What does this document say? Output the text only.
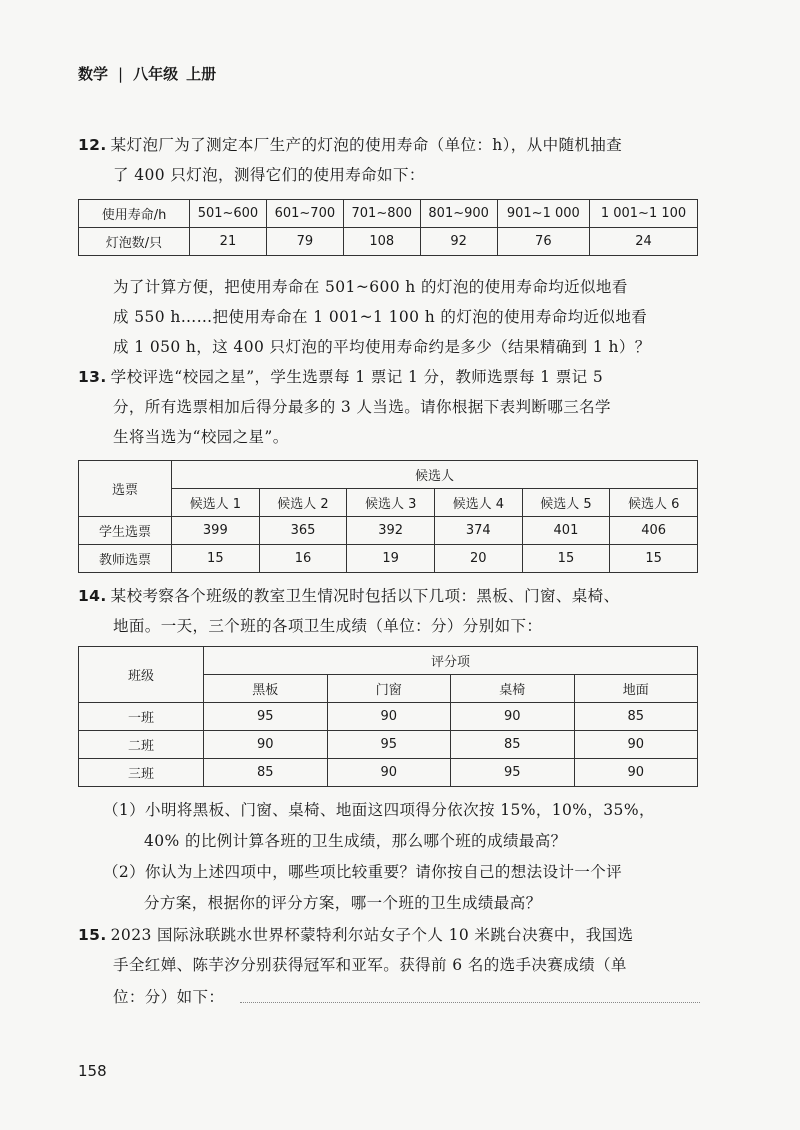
数学 | 八年级 上册
12. 某灯泡厂为了测定本厂生产的灯泡的使用寿命（单位：h），从中随机抽查
了 400 只灯泡，测得它们的使用寿命如下：
使用寿命/h	501~600	601~700	701~800	801~900	901~1 000	1 001~1 100
灯泡数/只	21	79	108	92	76	24
为了计算方便，把使用寿命在 501~600 h 的灯泡的使用寿命均近似地看
成 550 h……把使用寿命在 1 001~1 100 h 的灯泡的使用寿命均近似地看
成 1 050 h，这 400 只灯泡的平均使用寿命约是多少（结果精确到 1 h）？
13. 学校评选“校园之星”，学生选票每 1 票记 1 分，教师选票每 1 票记 5
分，所有选票相加后得分最多的 3 人当选。请你根据下表判断哪三名学
生将当选为“校园之星”。
选票	候选人					
	候选人 1	候选人 2	候选人 3	候选人 4	候选人 5	候选人 6
学生选票	399	365	392	374	401	406
教师选票	15	16	19	20	15	15
14. 某校考察各个班级的教室卫生情况时包括以下几项：黑板、门窗、桌椅、
地面。一天，三个班的各项卫生成绩（单位：分）分别如下：
班级	评分项			
	黑板	门窗	桌椅	地面
一班	95	90	90	85
二班	90	95	85	90
三班	85	90	95	90
（1）小明将黑板、门窗、桌椅、地面这四项得分依次按 15%，10%，35%，
40% 的比例计算各班的卫生成绩，那么哪个班的成绩最高？
（2）你认为上述四项中，哪些项比较重要？请你按自己的想法设计一个评
分方案，根据你的评分方案，哪一个班的卫生成绩最高？
15. 2023 国际泳联跳水世界杯蒙特利尔站女子个人 10 米跳台决赛中，我国选
手全红婵、陈芋汐分别获得冠军和亚军。获得前 6 名的选手决赛成绩（单
位：分）如下：
158
